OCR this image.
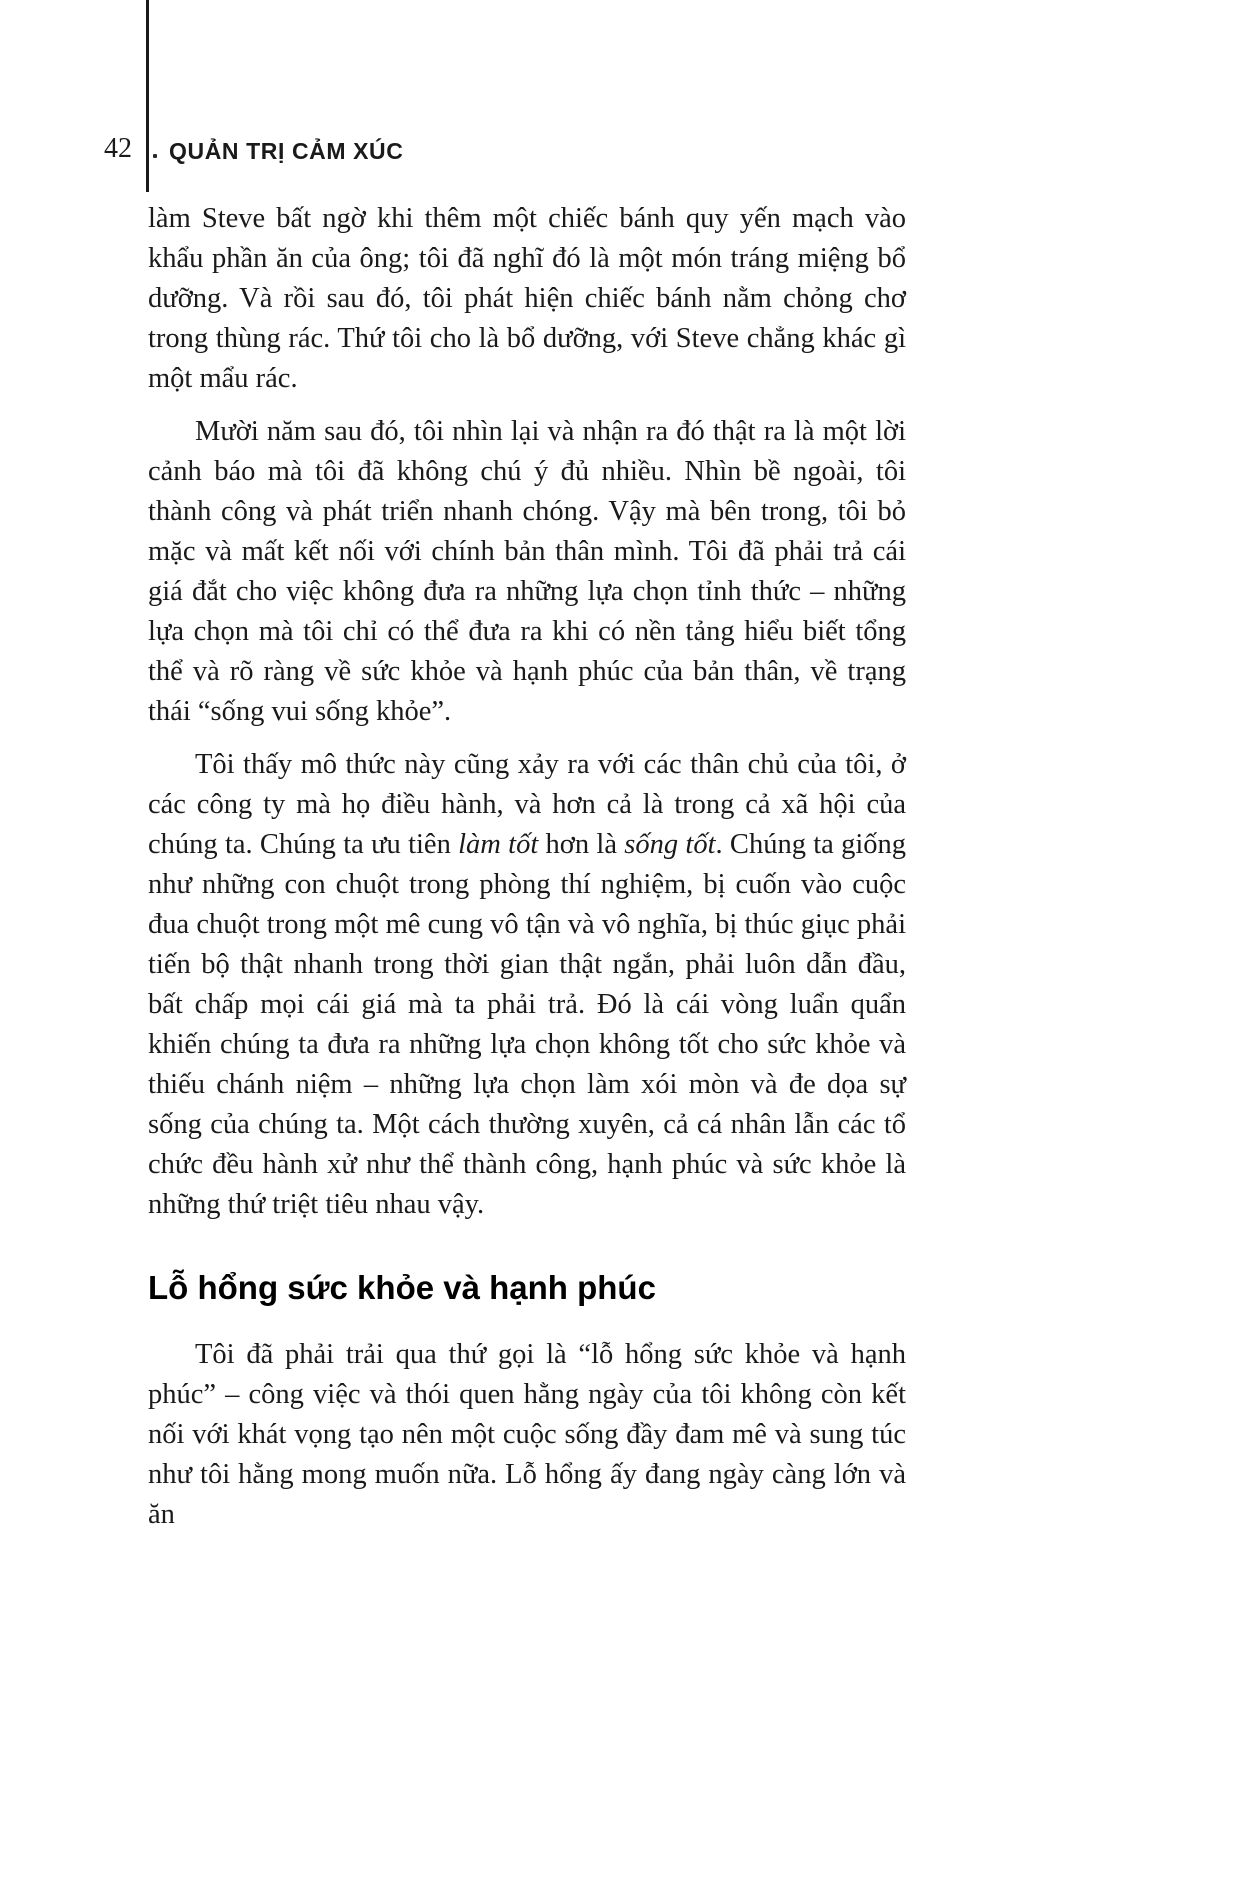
42 QUẢN TRỊ CẢM XÚC

làm Steve bất ngờ khi thêm một chiếc bánh quy yến mạch vào khẩu phần ăn của ông; tôi đã nghĩ đó là một món tráng miệng bổ dưỡng. Và rồi sau đó, tôi phát hiện chiếc bánh nằm chỏng chơ trong thùng rác. Thứ tôi cho là bổ dưỡng, với Steve chẳng khác gì một mẩu rác.

Mười năm sau đó, tôi nhìn lại và nhận ra đó thật ra là một lời cảnh báo mà tôi đã không chú ý đủ nhiều. Nhìn bề ngoài, tôi thành công và phát triển nhanh chóng. Vậy mà bên trong, tôi bỏ mặc và mất kết nối với chính bản thân mình. Tôi đã phải trả cái giá đắt cho việc không đưa ra những lựa chọn tỉnh thức – những lựa chọn mà tôi chỉ có thể đưa ra khi có nền tảng hiểu biết tổng thể và rõ ràng về sức khỏe và hạnh phúc của bản thân, về trạng thái “sống vui sống khỏe”.

Tôi thấy mô thức này cũng xảy ra với các thân chủ của tôi, ở các công ty mà họ điều hành, và hơn cả là trong cả xã hội của chúng ta. Chúng ta ưu tiên làm tốt hơn là sống tốt. Chúng ta giống như những con chuột trong phòng thí nghiệm, bị cuốn vào cuộc đua chuột trong một mê cung vô tận và vô nghĩa, bị thúc giục phải tiến bộ thật nhanh trong thời gian thật ngắn, phải luôn dẫn đầu, bất chấp mọi cái giá mà ta phải trả. Đó là cái vòng luẩn quẩn khiến chúng ta đưa ra những lựa chọn không tốt cho sức khỏe và thiếu chánh niệm – những lựa chọn làm xói mòn và đe dọa sự sống của chúng ta. Một cách thường xuyên, cả cá nhân lẫn các tổ chức đều hành xử như thể thành công, hạnh phúc và sức khỏe là những thứ triệt tiêu nhau vậy.

Lỗ hổng sức khỏe và hạnh phúc

Tôi đã phải trải qua thứ gọi là “lỗ hổng sức khỏe và hạnh phúc” – công việc và thói quen hằng ngày của tôi không còn kết nối với khát vọng tạo nên một cuộc sống đầy đam mê và sung túc như tôi hằng mong muốn nữa. Lỗ hổng ấy đang ngày càng lớn và ăn
